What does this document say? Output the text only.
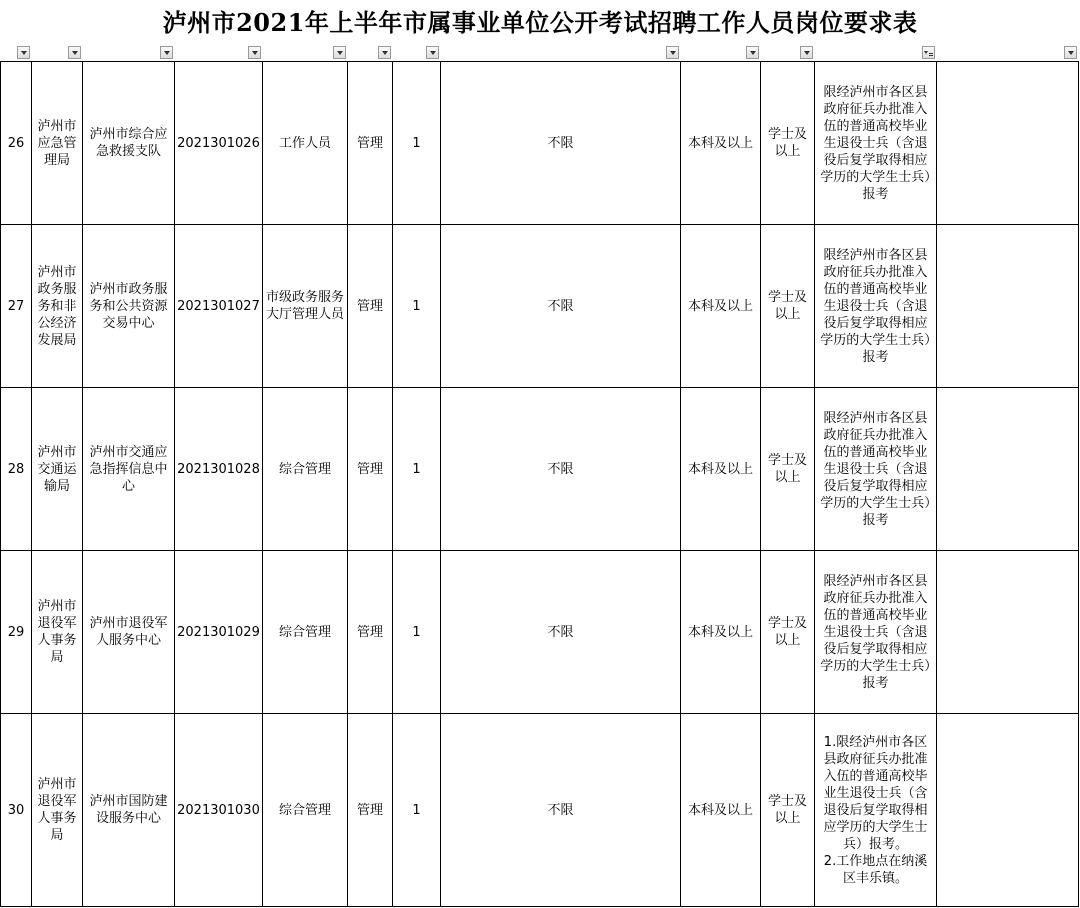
泸州市2021年上半年市属事业单位公开考试招聘工作人员岗位要求表
26	泸州市应急管理局	泸州市综合应急救援支队	2021301026	工作人员	管理	1	不限	本科及以上	学士及以上	限经泸州市各区县政府征兵办批准入伍的普通高校毕业生退役士兵（含退役后复学取得相应学历的大学生士兵）报考	

27	泸州市政务服务和非公经济发展局	泸州市政务服务和公共资源交易中心	2021301027	市级政务服务大厅管理人员	管理	1	不限	本科及以上	学士及以上	限经泸州市各区县政府征兵办批准入伍的普通高校毕业生退役士兵（含退役后复学取得相应学历的大学生士兵）报考	

28	泸州市交通运输局	泸州市交通应急指挥信息中心	2021301028	综合管理	管理	1	不限	本科及以上	学士及以上	限经泸州市各区县政府征兵办批准入伍的普通高校毕业生退役士兵（含退役后复学取得相应学历的大学生士兵）报考	

29	泸州市退役军人事务局	泸州市退役军人服务中心	2021301029	综合管理	管理	1	不限	本科及以上	学士及以上	限经泸州市各区县政府征兵办批准入伍的普通高校毕业生退役士兵（含退役后复学取得相应学历的大学生士兵）报考	

30	泸州市退役军人事务局	泸州市国防建设服务中心	2021301030	综合管理	管理	1	不限	本科及以上	学士及以上	1.限经泸州市各区县政府征兵办批准入伍的普通高校毕业生退役士兵（含退役后复学取得相应学历的大学生士兵）报考。
2.工作地点在纳溪区丰乐镇。	
